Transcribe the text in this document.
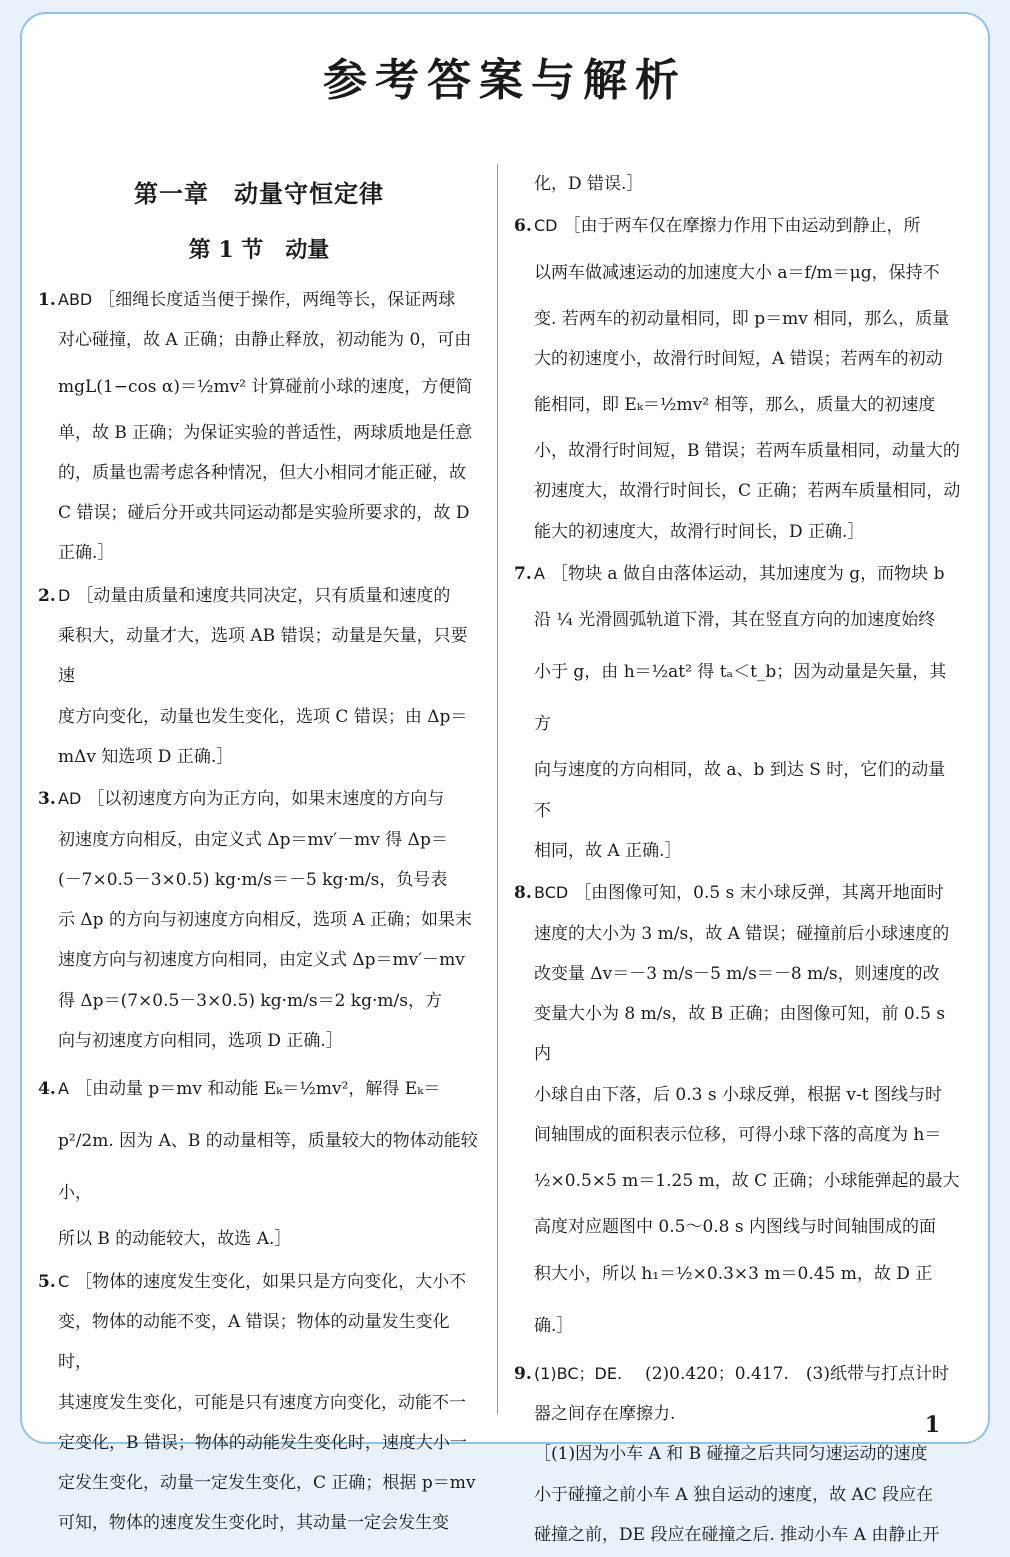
参考答案与解析
第一章　动量守恒定律
第 1 节　动量

1. ABD ［细绳长度适当便于操作，两绳等长，保证两球

对心碰撞，故 A 正确；由静止释放，初动能为 0，可由

mgL(1−cos α)＝½mv² 计算碰前小球的速度，方便简

单，故 B 正确；为保证实验的普适性，两球质地是任意

的，质量也需考虑各种情况，但大小相同才能正碰，故

C 错误；碰后分开或共同运动都是实验所要求的，故 D

正确.］

2. D ［动量由质量和速度共同决定，只有质量和速度的

乘积大，动量才大，选项 AB 错误；动量是矢量，只要速

度方向变化，动量也发生变化，选项 C 错误；由 Δp＝

mΔv 知选项 D 正确.］

3. AD ［以初速度方向为正方向，如果末速度的方向与

初速度方向相反，由定义式 Δp＝mv′－mv 得 Δp＝

(－7×0.5－3×0.5) kg·m/s＝－5 kg·m/s，负号表

示 Δp 的方向与初速度方向相反，选项 A 正确；如果末

速度方向与初速度方向相同，由定义式 Δp＝mv′－mv

得 Δp＝(7×0.5－3×0.5) kg·m/s＝2 kg·m/s，方

向与初速度方向相同，选项 D 正确.］

4. A ［由动量 p＝mv 和动能 Eₖ＝½mv²，解得 Eₖ＝

p²/2m. 因为 A、B 的动量相等，质量较大的物体动能较小，

所以 B 的动能较大，故选 A.］

5. C ［物体的速度发生变化，如果只是方向变化，大小不

变，物体的动能不变，A 错误；物体的动量发生变化时，

其速度发生变化，可能是只有速度方向变化，动能不一

定变化，B 错误；物体的动能发生变化时，速度大小一

定发生变化，动量一定发生变化，C 正确；根据 p＝mv

可知，物体的速度发生变化时，其动量一定会发生变

化，D 错误.］

6. CD ［由于两车仅在摩擦力作用下由运动到静止，所

以两车做减速运动的加速度大小 a＝f/m＝μg，保持不

变. 若两车的初动量相同，即 p＝mv 相同，那么，质量

大的初速度小，故滑行时间短，A 错误；若两车的初动

能相同，即 Eₖ＝½mv² 相等，那么，质量大的初速度

小，故滑行时间短，B 错误；若两车质量相同，动量大的

初速度大，故滑行时间长，C 正确；若两车质量相同，动

能大的初速度大，故滑行时间长，D 正确.］

7. A ［物块 a 做自由落体运动，其加速度为 g，而物块 b

沿 ¼ 光滑圆弧轨道下滑，其在竖直方向的加速度始终

小于 g，由 h＝½at² 得 tₐ＜t_b；因为动量是矢量，其方

向与速度的方向相同，故 a、b 到达 S 时，它们的动量不

相同，故 A 正确.］

8. BCD ［由图像可知，0.5 s 末小球反弹，其离开地面时

速度的大小为 3 m/s，故 A 错误；碰撞前后小球速度的

改变量 Δv＝－3 m/s－5 m/s＝－8 m/s，则速度的改

变量大小为 8 m/s，故 B 正确；由图像可知，前 0.5 s 内

小球自由下落，后 0.3 s 小球反弹，根据 v-t 图线与时

间轴围成的面积表示位移，可得小球下落的高度为 h＝

½×0.5×5 m＝1.25 m，故 C 正确；小球能弹起的最大

高度对应题图中 0.5～0.8 s 内图线与时间轴围成的面

积大小，所以 h₁＝½×0.3×3 m＝0.45 m，故 D 正确.］

9. (1)BC；DE.　(2)0.420；0.417.　(3)纸带与打点计时

器之间存在摩擦力.

［(1)因为小车 A 和 B 碰撞之后共同匀速运动的速度

小于碰撞之前小车 A 独自运动的速度，故 AC 段应在

碰撞之前，DE 段应在碰撞之后. 推动小车 A 由静止开

1
